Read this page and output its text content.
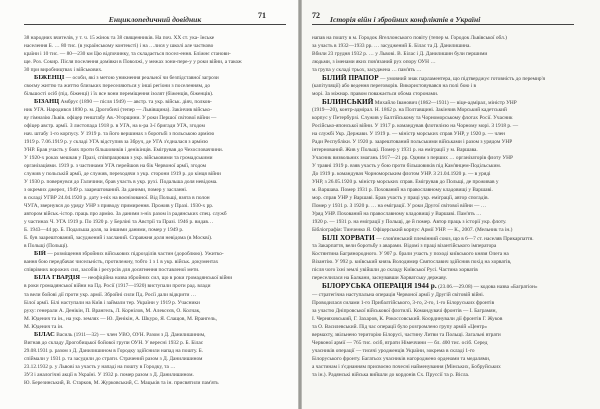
Енциклопедичний довідник	71
38 народних вчителів, у т. ч. 15 жінок та 38 священників. На поч. ХХ ст. ука- їнське
населення Б. … 80 тис. (в українському контексті) і на …лися у школі але частково
країни і 10 тис. — 80—230 км Цю відпочинку, та складається посел-ення. Бліжнє станови-
ще. Роз. Сокир. Після поселення домівки в Поволжі, у межах зони-пере-у у роки війни, а також
30 при виробництвах і військових.
БІЖЕНЦІ — особи, які з метою уникнення реальної чи безпідставної загрози
своєму життю та життю близьких переселяються у інші регіони з поселенням, до
більшості осіб (під. біженці) і їх все вони переміщення ізолят (біженців, біженців).
БІЗАНЦ Амбрус (1890 — після 1949) — австр. та укр. військ. діяч, полков-
ник УГА. Народився 1890 р. м. Дрогобичі (тепер — Львівщина). Закінчив військо-
ву гімназію Львів. офіцер генштабу Ав.-Угорщини. У роки Першої світової війни —
офіцер австр. армії. З листопада 1918 р. в УГА, на к-ра 3-ї бригади УГА, згодом
нач. штабу 1-го корпусу. У 1919 р. та його вершинах з боротьбі з польською армією
1919 р. 7.06.1919 р. у складі УГА відступив за Збруч, де УГА з'єдналася з армією
УНР. Брав участь у боях проти більшовиків і денікінців. Емігрував до Чехословаччини.
У 1920-х роках мешкав у Празі, співпрацював з укр. військовими та громадськими
організаціями. 1919 р. з частинами УГА перейшов на бік Червоної армії, згодом
служив у польській армії, де служив, переходячи з укр. сторони 1919 р. до кінця війни
У 1930 р. повернувся до Галичини, брав участь в укр. рухі. Подальша доля невідома.
з окремих джерел, 1949 р. заарештований. За даними, помер у засланні.
в складі УГВР 24.04.1920 р. дату з-ніх на воєнізованої. Від Польщі, взята в полон
ЧУГА, звернувся до уряду УНР з приводу примирення. Прожив у Празі. 1930-х рр.
автором військ.-істор. праць про армію. За даними з-ніх разом із радянських спец. служб
у частинах Ч. УГА 1919 р. По 1920 р. у Берліні та Австрії та Празі. 1946 р. видав…
Б. 1943—44 рр. Б. Подальша доля, за іншими даними, помер у 1949 р.
Б. був заарештований, засуджений і засланий. Справжня доля невідома (в Москві).
в Польщі (Польщі).
БІЙ — розміщення збройних військових підрозділів частин (дороблюю). Ужитко-
вання бою передбачає чисельність, протилежну, тобто 1 з 1 в укр. військ. документах
співрівних ворожих сил, засобів і ресурсів для досягнення поставленої мети.
БІЛА ГВАРДІЯ — неофіційна назва збройних сил, що в роки громадянської війни
в роки громадянської війни на Пд. Росії (1917—1920) виступали проти рад. влади
та вели бойові дії проти укр. армії. Збройні сили Пд. Росії дали відкрити …
Білої армії. Білі наступали на Київ і займали тер. України у 1919 р. Учасники
руху: генерали А. Денікін, П. Врангель, Л. Корнілов, М. Алексєєв, О. Колчак,
М. Юденич та ін., на укр. землях — Ю. Денікін, А. Шкуро, Я. Слащов, М. Врангель,
М. Юденич та ін.
БІЛАС Василь (1911—32) — член УВО, ОУН. Разом з Д. Данилишиним,
Вигнав до складу Дрогобицької бойової групи ОУН. У вересні 1932 р. Б. Білас
29.08.1931 р. разом з Д. Данилишином в Городку здійснили напад на пошту. Б.
спіймали у 1931 р. та засудили до страти. Страчений разом з Д. Данилишином
23.12.1932 р. у Львові за участь у нападі на пошту в Городку, та …
ЗУЗ і аналогічні акції в Україні. У 1932 р. помер разом з Д. Данилишином.
Ю. Березинський, В. Старков, М. Журковський, С. Мацьків та ін. присвятили пам'ять
72 Історія війн і збройних конфліктів в Україні
напав на пошту в м. Городок Ягеллонського повіту (тепер м. Городок Львівської обл.)
за участь в 1932—1933 рр. … засуджений Б. Білас та Д. Данилишина.
Вбили 23 грудня 1932 р. … у Львові. В. Білас і Д. Данилишин були першими
людьми, з іменами яких пов'язаний рух опору ОУН …
та група у складі трьох, засуджена … пам'ять …
БІЛИЙ ПРАПОР — умовний знак парламентера, що підтверджує готовність до перемир'я
(капітуляції) або ведення переговорів. Використовувався на полі бою і в
морі. За міжнар. правом поважається обома сторонами.
БІЛИНСЬКИЙ Михайло Іванович (1862—1931) — віце-адмірал, міністр УНР
(1919—20), контр-адмірал. Н. 1862 р. на Полтавщині. Закінчив Морський кадетський
корпус у Петербурзі. Служив у Балтійському та Чорноморському флотах Росії. Учасник
Російсько-японської війни. У 1917 р. командував флотилією на Чорному морі. З 1918 р. —
на службі Укр. Держави. У 1919 р. — міністр морських справ УНР, у 1920 р. — член
Ради Республіки. У 1920 р. заарештований польськими військами і разом з урядом УНР
інтернований. Жив у Польщі. Помер у 1931 р. на еміграції у м. Варшава.
Учасник визвольних змагань 1917—21 рр. Одним з перших … організаторів флоту УНР
У травні 1919 р. взяв участь у бою проти більшовиків під Кам'янцем-Подільським.
До 1919 р. командувач Чорноморським флотом УНР. З 21.04.1920 р. — в уряді
УНР, з 26.05.1920 р. міністр морських справ. Емігрував до Польщі, де проживав у
м. Варшава. Помер 1931 р. Похований на православному кладовищі у Варшаві.
мор. справ УНР у Варшаві. Брав участь у праці укр. еміграції, автор спогадів.
Помер у 1931 р. З 1920 р. … на еміграції. У роки Другої світової війни — …
Уряд УНР. Похований на православному кладовищі у Варшаві. Пам'ять …
1920 р. — 1931 р. на еміграції у Польщі, де й помер. Автор праць з історії укр. флоту.
Бібліографія: Тинченко Я. Офіцерський корпус Армії УНР. — К., 2007. (Мельник та ін.)
БІЛІ ХОРВАТИ — слов'янський племінний союз, що в 6—7 ст. населяв Прикарпаття.
та Закарпаття, вели боротьбу з аварами. Відомі з праці візантійського імператора
Костянтина Багрянородного. У 907 р. брали участь у поході київського князя Олега на
Візантію. У 992 р. київський князь Володимир Святославич здійснив похід на хорватів,
після чого їхні землі увійшли до складу Київської Русі. Частина хорватів
переселилася на Балкани, заснувавши Хорватську державу.
БІЛОРУСЬКА ОПЕРАЦІЯ 1944 р. (23.06.—29.08) — кодова назва «Багратіон»
— стратегічна наступальна операція Червоної армії у Другій світовій війні.
Проводилася силами 1-го Прибалтійського, 3-го, 2-го, 1-го Білоруських фронтів
за участю Дніпровської військової флотилії. Командувачі фронтів — І. Баграмян,
І. Черняховський, Г. Захаров, К. Рокоссовський. Координували дії фронтів Г. Жуков
та О. Василевський. Під час операції було розгромлено групу армій «Центр»
вермахту, звільнено територію Білорусі, частину Литви та Польщі. Загальні втрати
Червоної армії — 765 тис. осіб, втрати Німеччини — бл. 400 тис. осіб. Серед
учасників операції — тисячі уродженців України, зокрема в складі 1-го
Білоруського фронту. Багатьох учасників нагороджено орденами та медалями,
а частинам і з'єднанням присвоєно почесні найменування (Мінських, Бобруйських
та ін.). Радянські війська вийшли до кордонів Сх. Пруссії та р. Вісла.
